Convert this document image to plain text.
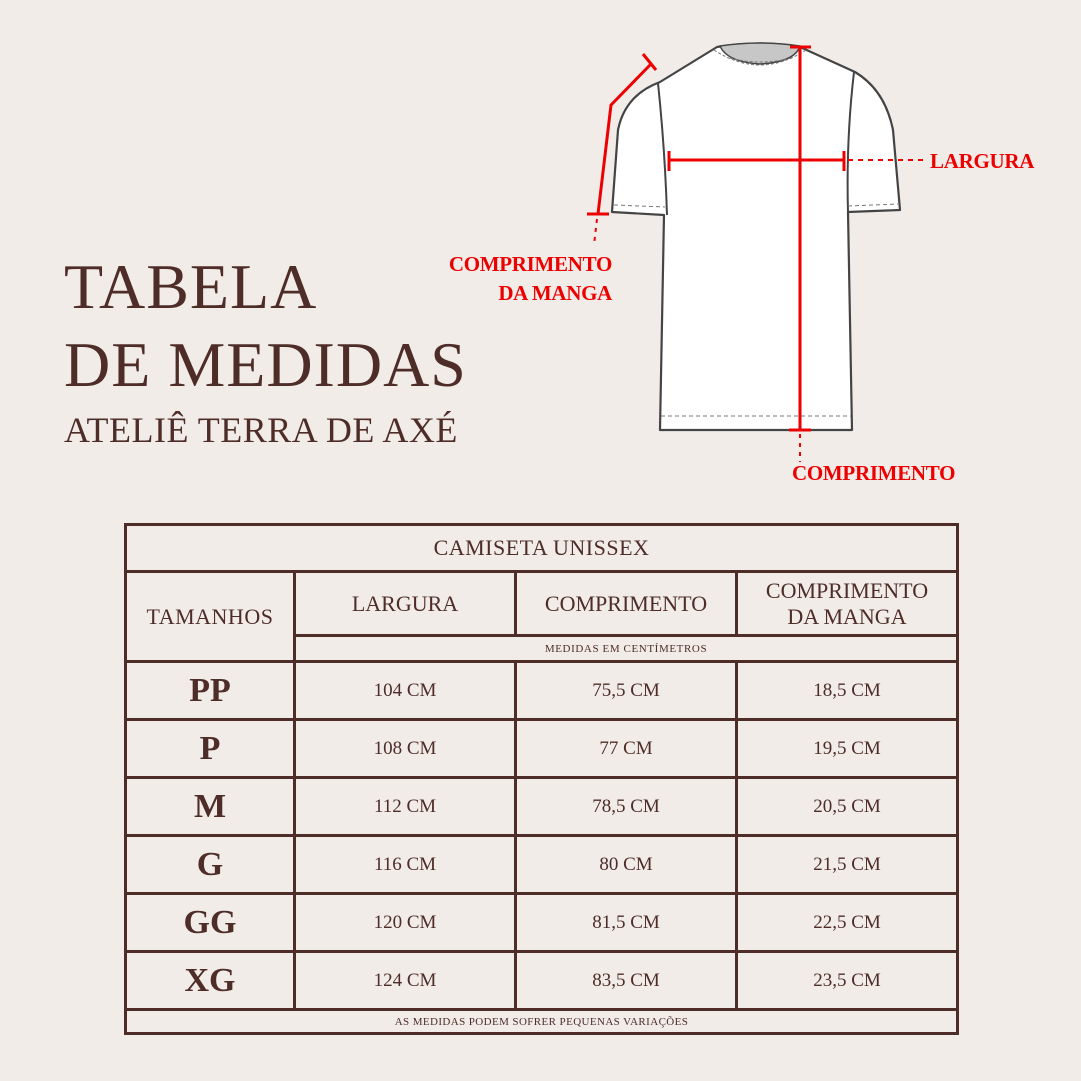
TABELA
DE MEDIDAS
ATELIÊ TERRA DE AXÉ
LARGURA
COMPRIMENTO
DA MANGA
COMPRIMENTO
CAMISETA UNISSEX			
TAMANHOS	LARGURA	COMPRIMENTO	COMPRIMENTO
DA MANGA

	MEDIDAS EM CENTÍMETROS		
PP	104 CM	75,5 CM	18,5 CM
P	108 CM	77 CM	19,5 CM
M	112 CM	78,5 CM	20,5 CM
G	116 CM	80 CM	21,5 CM
GG	120 CM	81,5 CM	22,5 CM
XG	124 CM	83,5 CM	23,5 CM
AS MEDIDAS PODEM SOFRER PEQUENAS VARIAÇÕES			
